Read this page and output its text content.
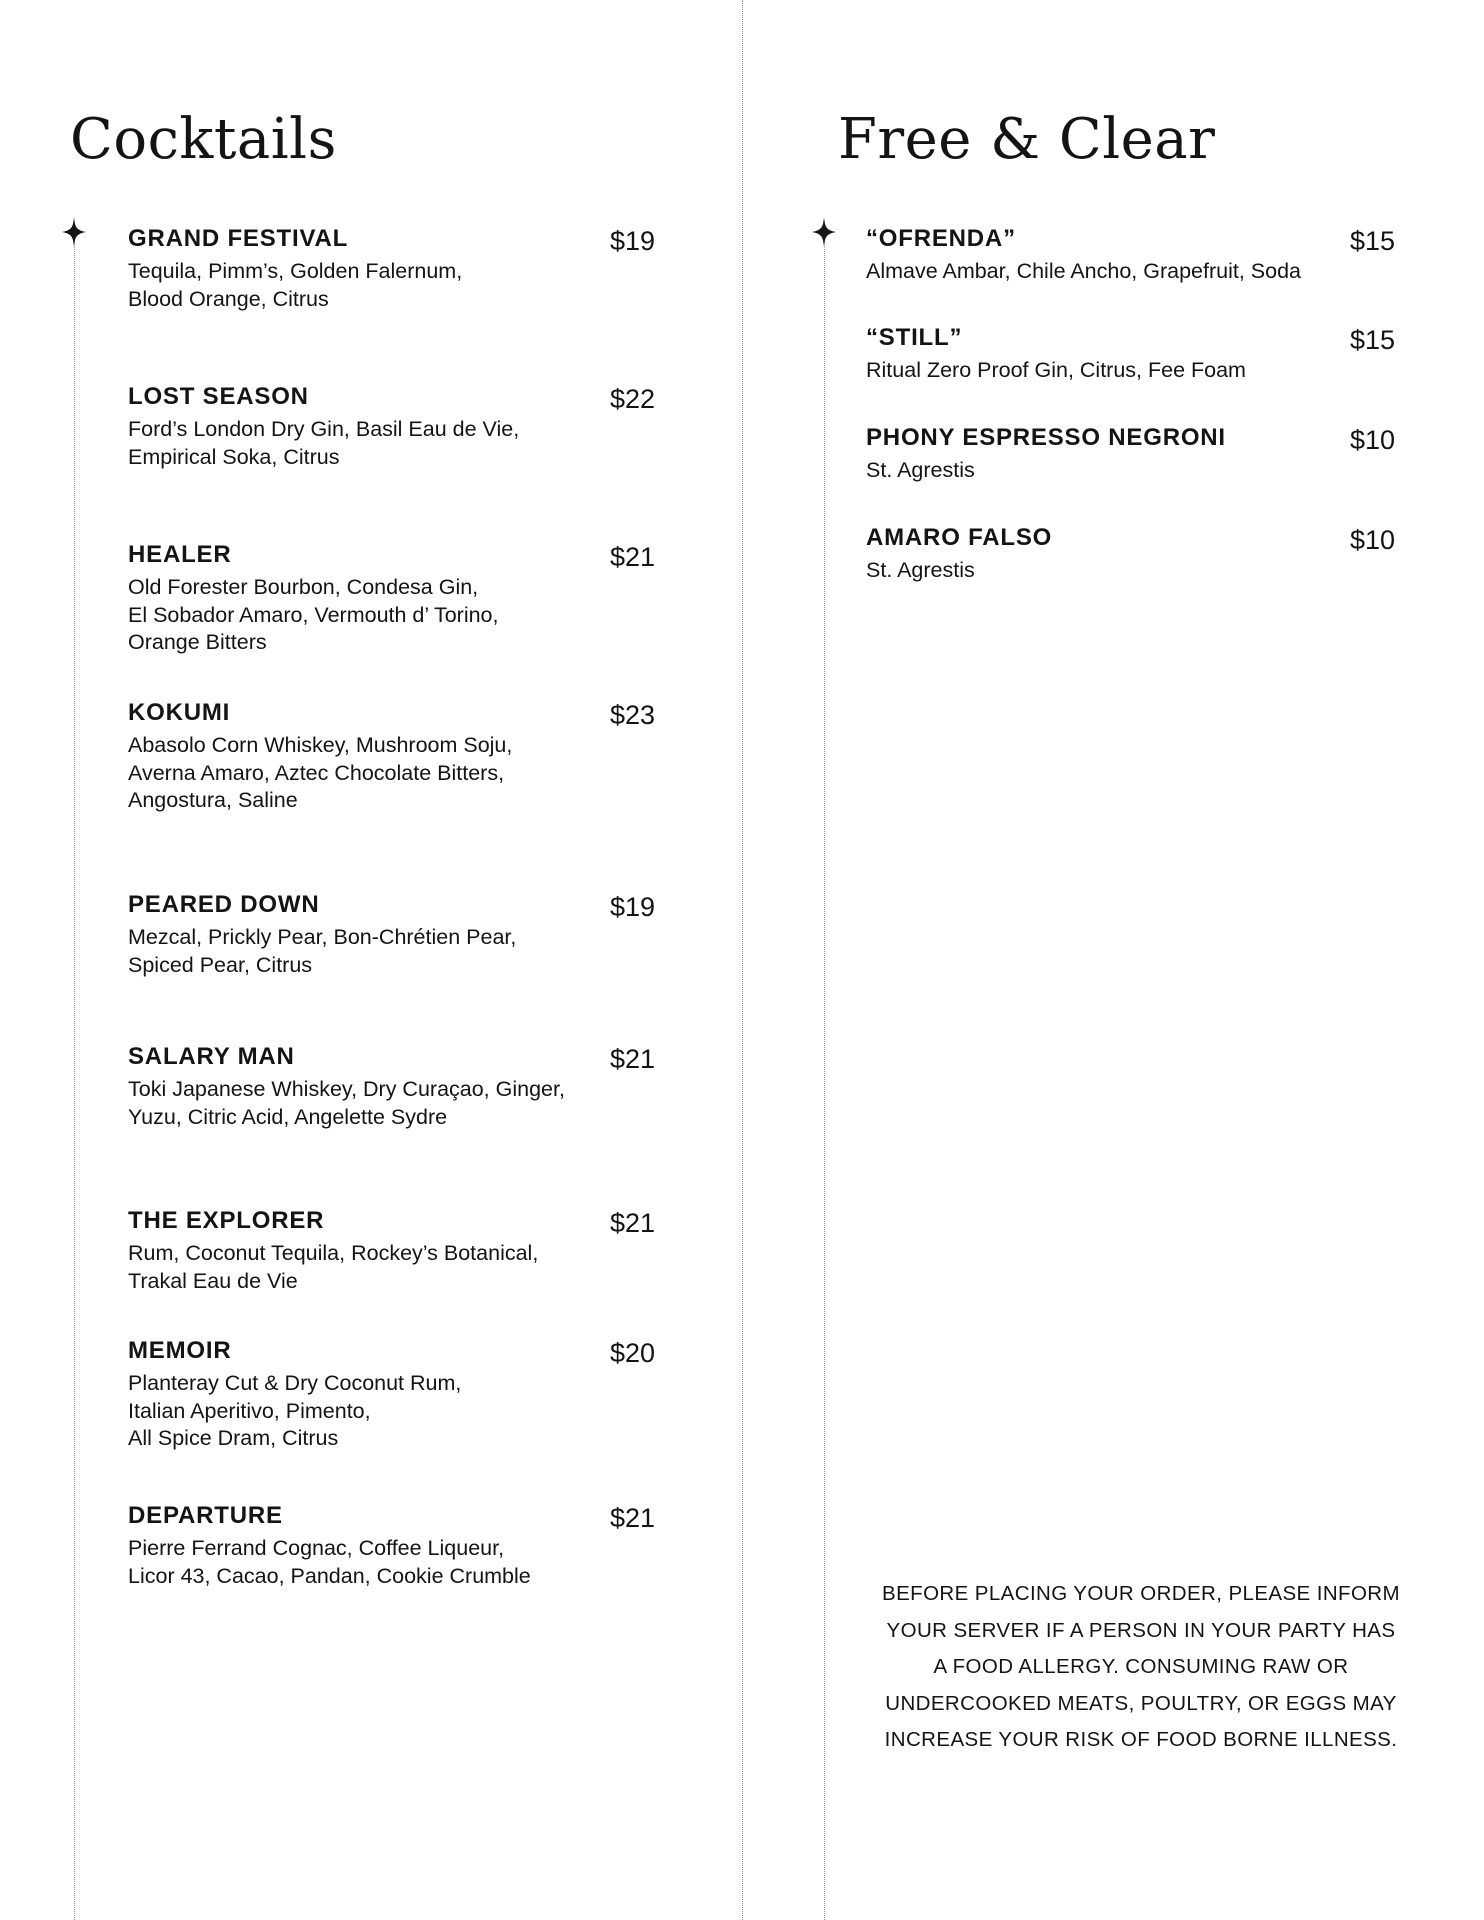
Cocktails
GRAND FESTIVAL
Tequila, Pimm’s, Golden Falernum,
Blood Orange, Citrus
$19
LOST SEASON
Ford’s London Dry Gin, Basil Eau de Vie,
Empirical Soka, Citrus
$22
HEALER
Old Forester Bourbon, Condesa Gin,
El Sobador Amaro, Vermouth d’ Torino,
Orange Bitters
$21
KOKUMI
Abasolo Corn Whiskey, Mushroom Soju,
Averna Amaro, Aztec Chocolate Bitters,
Angostura, Saline
$23
PEARED DOWN
Mezcal, Prickly Pear, Bon-Chrétien Pear,
Spiced Pear, Citrus
$19
SALARY MAN
Toki Japanese Whiskey, Dry Curaçao, Ginger,
Yuzu, Citric Acid, Angelette Sydre
$21
THE EXPLORER
Rum, Coconut Tequila, Rockey’s Botanical,
Trakal Eau de Vie
$21
MEMOIR
Planteray Cut & Dry Coconut Rum,
Italian Aperitivo, Pimento,
All Spice Dram, Citrus
$20
DEPARTURE
Pierre Ferrand Cognac, Coffee Liqueur,
Licor 43, Cacao, Pandan, Cookie Crumble
$21
Free & Clear
“OFRENDA”
Almave Ambar, Chile Ancho, Grapefruit, Soda
$15
“STILL”
Ritual Zero Proof Gin, Citrus, Fee Foam
$15
PHONY ESPRESSO NEGRONI
St. Agrestis
$10
AMARO FALSO
St. Agrestis
$10
BEFORE PLACING YOUR ORDER, PLEASE INFORM
YOUR SERVER IF A PERSON IN YOUR PARTY HAS
A FOOD ALLERGY. CONSUMING RAW OR
UNDERCOOKED MEATS, POULTRY, OR EGGS MAY
INCREASE YOUR RISK OF FOOD BORNE ILLNESS.
